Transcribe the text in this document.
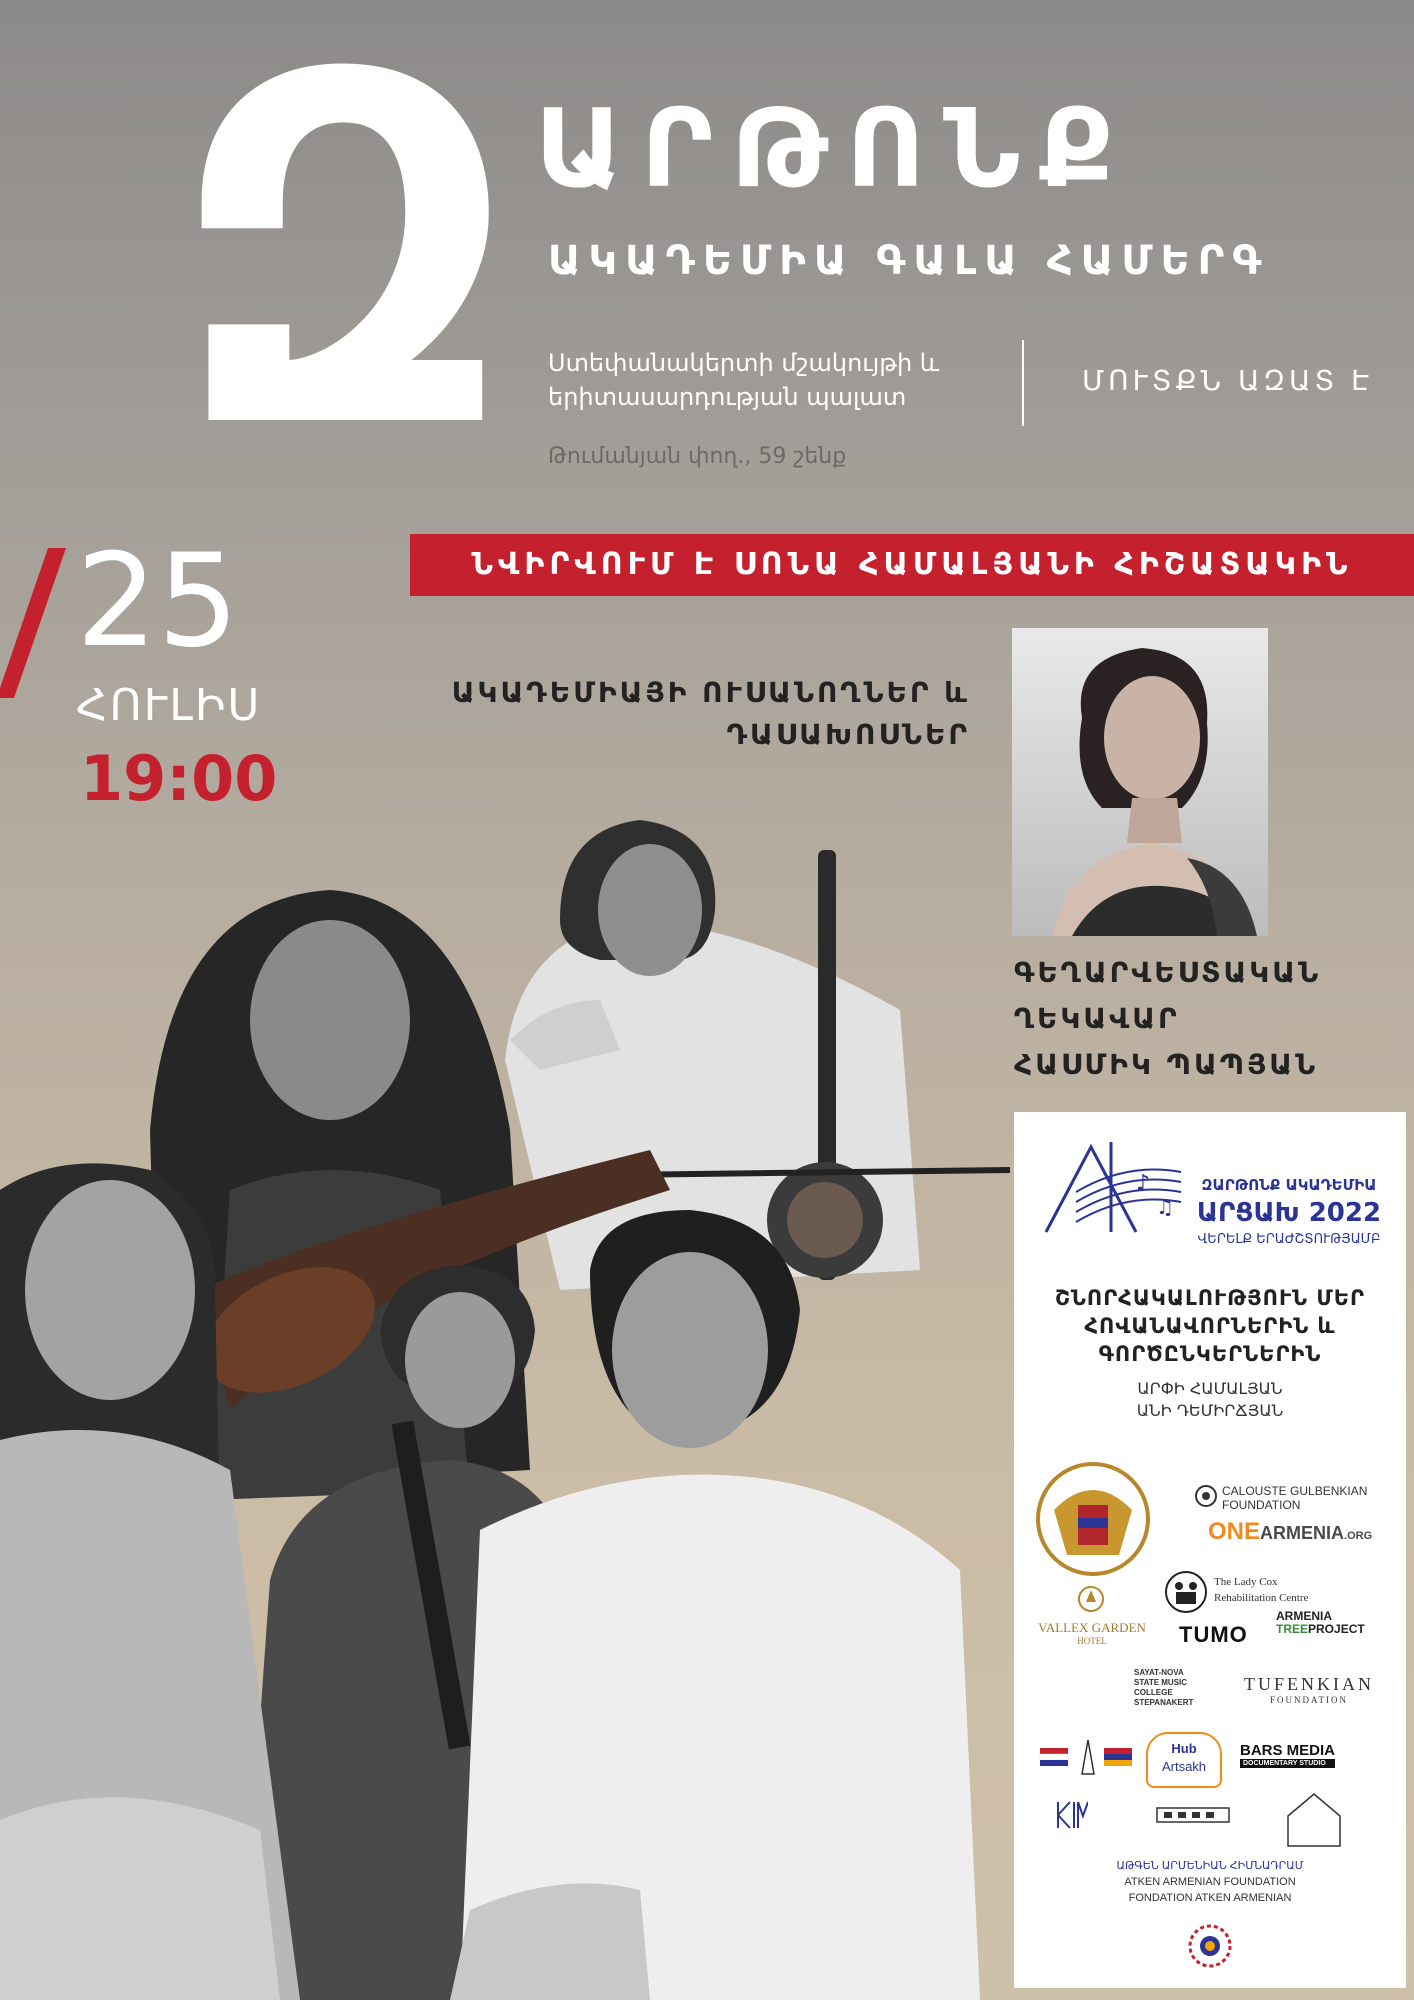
Զ ԱՐԹՈՆՔ
ԱԿԱԴԵՄԻԱ ԳԱԼԱ ՀԱՄԵՐԳ
Ստեփանակերտի մշակույթի և
երիտասարդության պալատ	ՄՈՒՏՔՆ ԱԶԱՏ Է
Թումանյան փող., 59 շենք
ՆՎԻՐՎՈՒՄ Է ՍՈՆԱ ՀԱՄԱԼՅԱՆԻ ՀԻՇԱՏԱԿԻՆ
25
ՀՈՒԼԻՍ
19:00
ԱԿԱԴԵՄԻԱՅԻ ՈՒՍԱՆՈՂՆԵՐ և
ԴԱՍԱԽՈՍՆԵՐ
ԳԵՂԱՐՎԵՍՏԱԿԱՆ
ՂԵԿԱՎԱՐ
ՀԱՍՄԻԿ ՊԱՊՅԱՆ
♪
♫
ԶԱՐԹՈՆՔ ԱԿԱԴԵՄԻԱ
ԱՐՑԱԽ 2022
ՎԵՐԵԼՔ ԵՐԱԺՇՏՈՒԹՅԱՄԲ
ՇՆՈՐՀԱԿԱԼՈՒԹՅՈՒՆ ՄԵՐ
ՀՈՎԱՆԱՎՈՐՆԵՐԻՆ և
ԳՈՐԾԸՆԿԵՐՆԵՐԻՆ
ԱՐՓԻ ՀԱՄԱԼՅԱՆ
ԱՆԻ ԴԵՄԻՐՃՅԱՆ
CALOUSTE GULBENKIAN
FOUNDATION
ONEARMENIA.ORG
The Lady Cox
Rehabilitation Centre
VALLEX GARDEN
HOTEL	TUMO
ARMENIA
TREEPROJECT
SAYAT-NOVA
STATE MUSIC
COLLEGE
STEPANAKERT
TUFENKIAN
FOUNDATION
Hub
Artsakh
BARS MEDIA
DOCUMENTARY STUDIO
ԱԹԳԵՆ ԱՐՄԵՆԻԱՆ ՀԻՄՆԱԴՐԱՄ
ATKEN ARMENIAN FOUNDATION
FONDATION ATKEN ARMENIAN
